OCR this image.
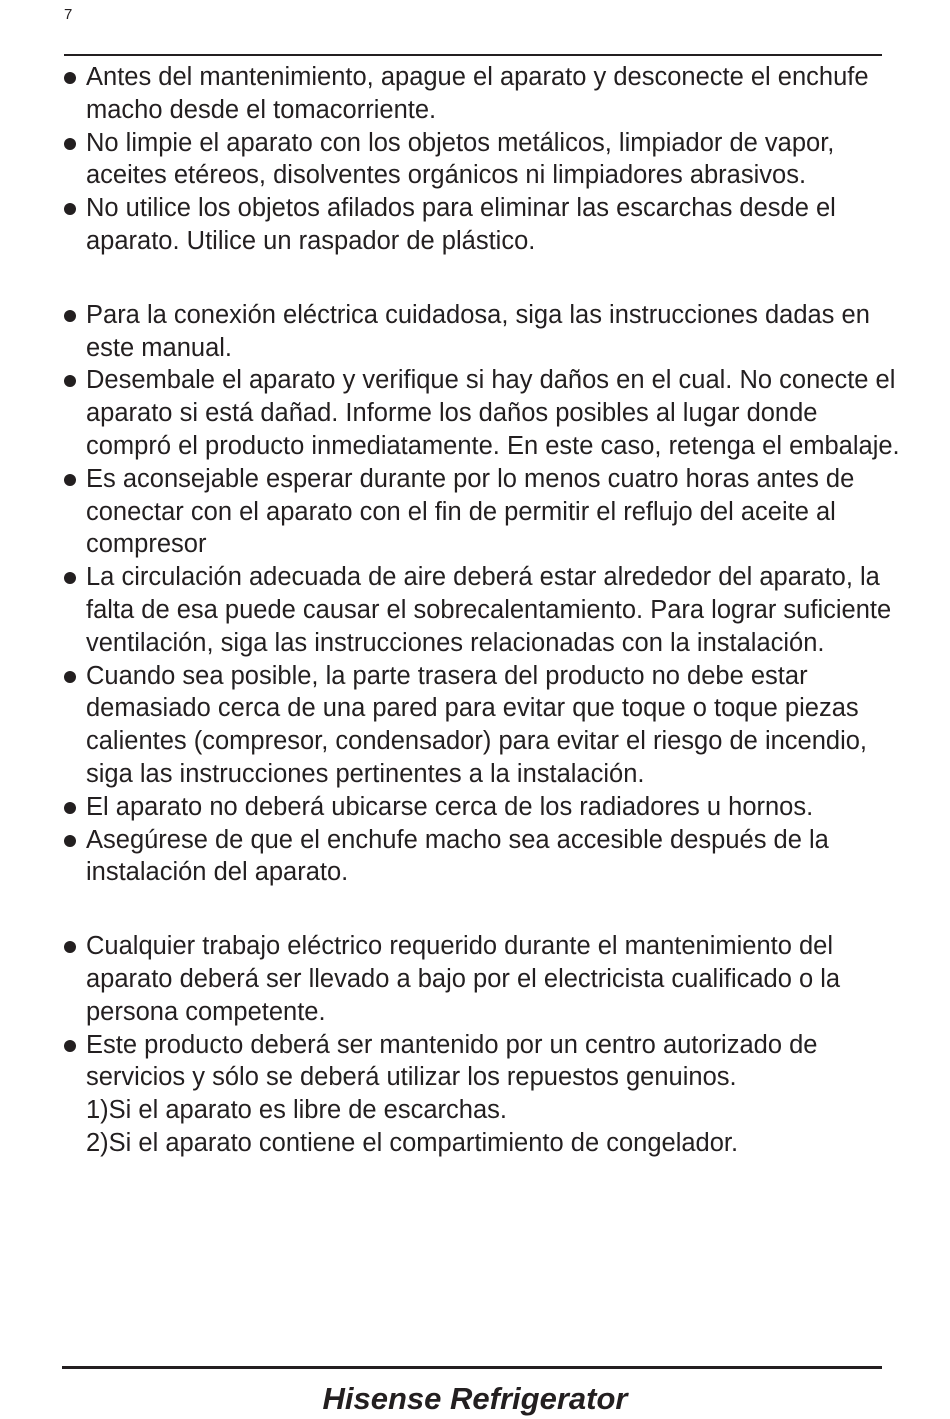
7

Antes del mantenimiento, apague el aparato y desconecte el enchufe macho desde el tomacorriente.

No limpie el aparato con los objetos metálicos, limpiador de vapor, aceites etéreos, disolventes orgánicos ni limpiadores abrasivos.

No utilice los objetos afilados para eliminar las escarchas desde el aparato. Utilice un raspador de plástico.

Para la conexión eléctrica cuidadosa, siga las instrucciones dadas en este manual.

Desembale el aparato y verifique si hay daños en el cual. No conecte el aparato si está dañad. Informe los daños posibles al lugar donde compró el producto inmediatamente. En este caso, retenga el embalaje.

Es aconsejable esperar durante por lo menos cuatro horas antes de conectar con el aparato con el fin de permitir el reflujo del aceite al compresor

La circulación adecuada de aire deberá estar alrededor del aparato, la falta de esa puede causar el sobrecalentamiento. Para lograr suficiente ventilación, siga las instrucciones relacionadas con la instalación.

Cuando sea posible, la parte trasera del producto no debe estar demasiado cerca de una pared para evitar que toque o toque piezas calientes (compresor, condensador) para evitar el riesgo de incendio, siga las instrucciones pertinentes a la instalación.

El aparato no deberá ubicarse cerca de los radiadores u hornos.

Asegúrese de que el enchufe macho sea accesible después de la instalación del aparato.

Cualquier trabajo eléctrico requerido durante el mantenimiento del aparato deberá ser llevado a bajo por el electricista cualificado o la persona competente.

Este producto deberá ser mantenido por un centro autorizado de servicios y sólo se deberá utilizar los repuestos genuinos.

1)Si el aparato es libre de escarchas.
2)Si el aparato contiene el compartimiento de congelador.
Hisense Refrigerator
